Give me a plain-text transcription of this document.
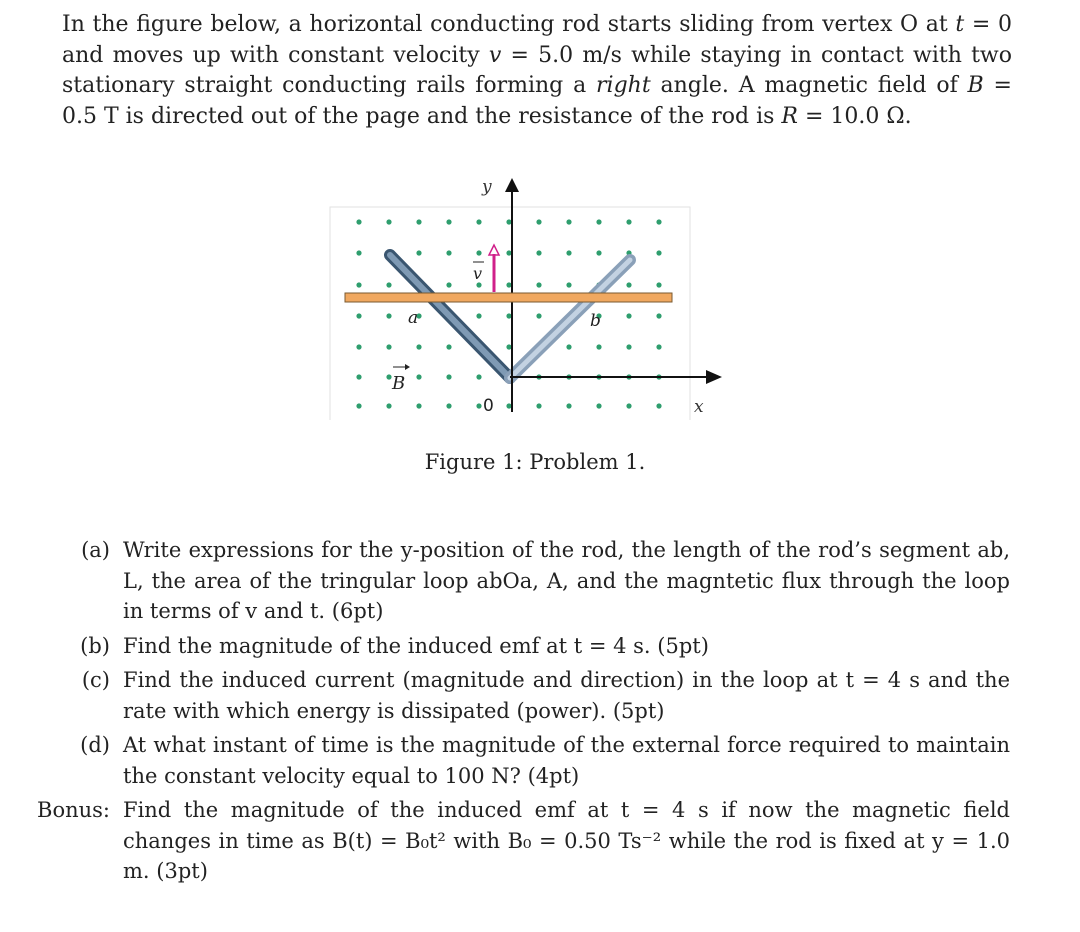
In the figure below, a horizontal conducting rod starts sliding from vertex O at t = 0 and moves up with constant velocity v = 5.0 m/s while staying in contact with two stationary straight conducting rails forming a right angle. A magnetic field of B = 0.5 T is directed out of the page and the resistance of the rod is R = 10.0 Ω.
y
x
0
a	b
v
B
Figure 1: Problem 1.
(a) Write expressions for the y-position of the rod, the length of the rod’s segment ab, L, the area of the tringular loop abOa, A, and the magntetic flux through the loop in terms of v and t. (6pt)
(b) Find the magnitude of the induced emf at t = 4 s. (5pt)
(c) Find the induced current (magnitude and direction) in the loop at t = 4 s and the rate with which energy is dissipated (power). (5pt)
(d) At what instant of time is the magnitude of the external force required to maintain the constant velocity equal to 100 N? (4pt)
Bonus: Find the magnitude of the induced emf at t = 4 s if now the magnetic field changes in time as B(t) = B₀t² with B₀ = 0.50 Ts⁻² while the rod is fixed at y = 1.0 m. (3pt)
